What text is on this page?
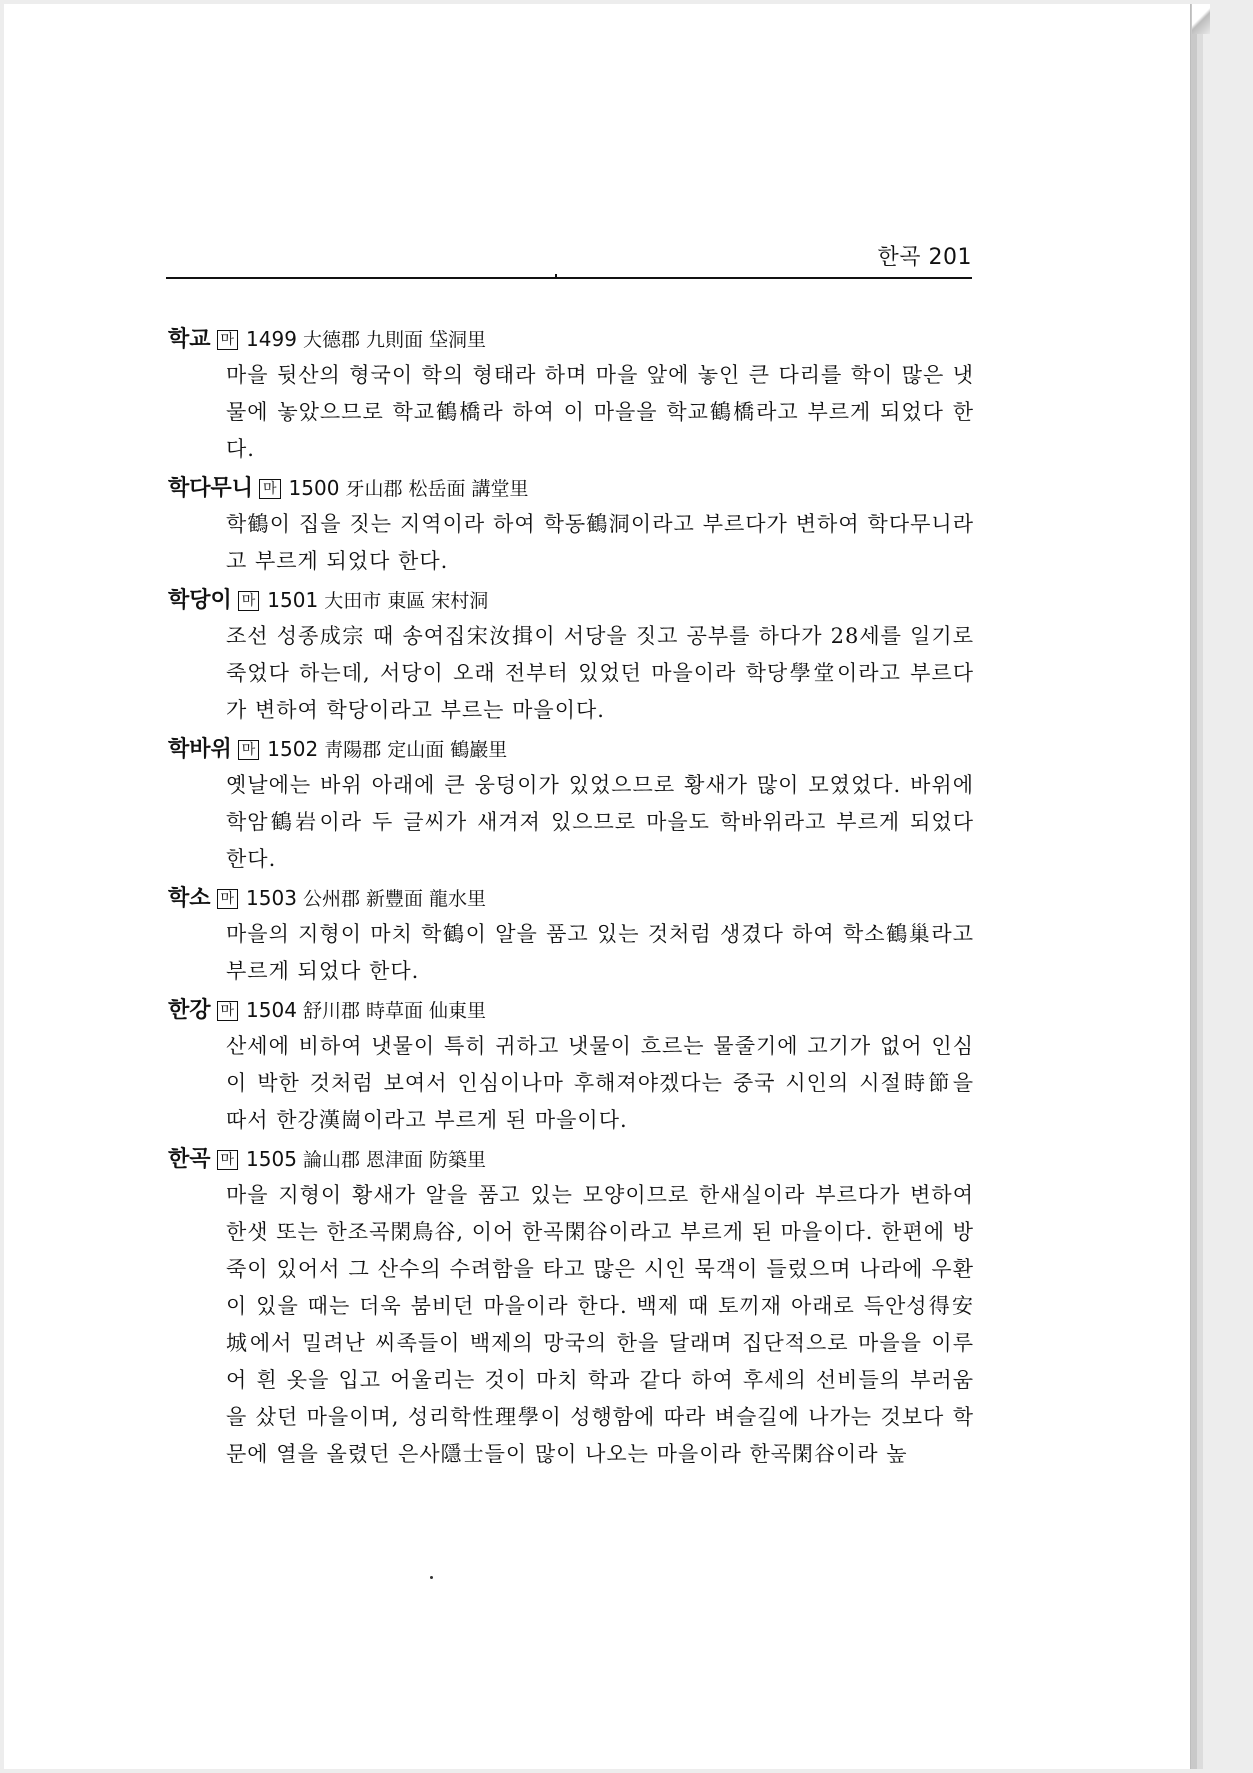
한곡 201
학교 마 1499 大德郡 九則面 垈洞里
마을 뒷산의 형국이 학의 형태라 하며 마을 앞에 놓인 큰 다리를 학이 많은 냇물에 놓았으므로 학교鶴橋라 하여 이 마을을 학교鶴橋라고 부르게 되었다 한다.
학다무니 마 1500 牙山郡 松岳面 講堂里
학鶴이 집을 짓는 지역이라 하여 학동鶴洞이라고 부르다가 변하여 학다무니라고 부르게 되었다 한다.
학당이 마 1501 大田市 東區 宋村洞
조선 성종成宗 때 송여집宋汝揖이 서당을 짓고 공부를 하다가 28세를 일기로 죽었다 하는데, 서당이 오래 전부터 있었던 마을이라 학당學堂이라고 부르다가 변하여 학당이라고 부르는 마을이다.
학바위 마 1502 靑陽郡 定山面 鶴巖里
옛날에는 바위 아래에 큰 웅덩이가 있었으므로 황새가 많이 모였었다. 바위에 학암鶴岩이라 두 글씨가 새겨져 있으므로 마을도 학바위라고 부르게 되었다 한다.
학소 마 1503 公州郡 新豐面 龍水里
마을의 지형이 마치 학鶴이 알을 품고 있는 것처럼 생겼다 하여 학소鶴巢라고 부르게 되었다 한다.
한강 마 1504 舒川郡 時草面 仙東里
산세에 비하여 냇물이 특히 귀하고 냇물이 흐르는 물줄기에 고기가 없어 인심이 박한 것처럼 보여서 인심이나마 후해져야겠다는 중국 시인의 시절時節을 따서 한강漢崗이라고 부르게 된 마을이다.
한곡 마 1505 論山郡 恩津面 防築里
마을 지형이 황새가 알을 품고 있는 모양이므로 한새실이라 부르다가 변하여 한샛 또는 한조곡閑鳥谷, 이어 한곡閑谷이라고 부르게 된 마을이다. 한편에 방죽이 있어서 그 산수의 수려함을 타고 많은 시인 묵객이 들렀으며 나라에 우환이 있을 때는 더욱 붐비던 마을이라 한다. 백제 때 토끼재 아래로 득안성得安城에서 밀려난 씨족들이 백제의 망국의 한을 달래며 집단적으로 마을을 이루어 흰 옷을 입고 어울리는 것이 마치 학과 같다 하여 후세의 선비들의 부러움을 샀던 마을이며, 성리학性理學이 성행함에 따라 벼슬길에 나가는 것보다 학문에 열을 올렸던 은사隱士들이 많이 나오는 마을이라 한곡閑谷이라 높
